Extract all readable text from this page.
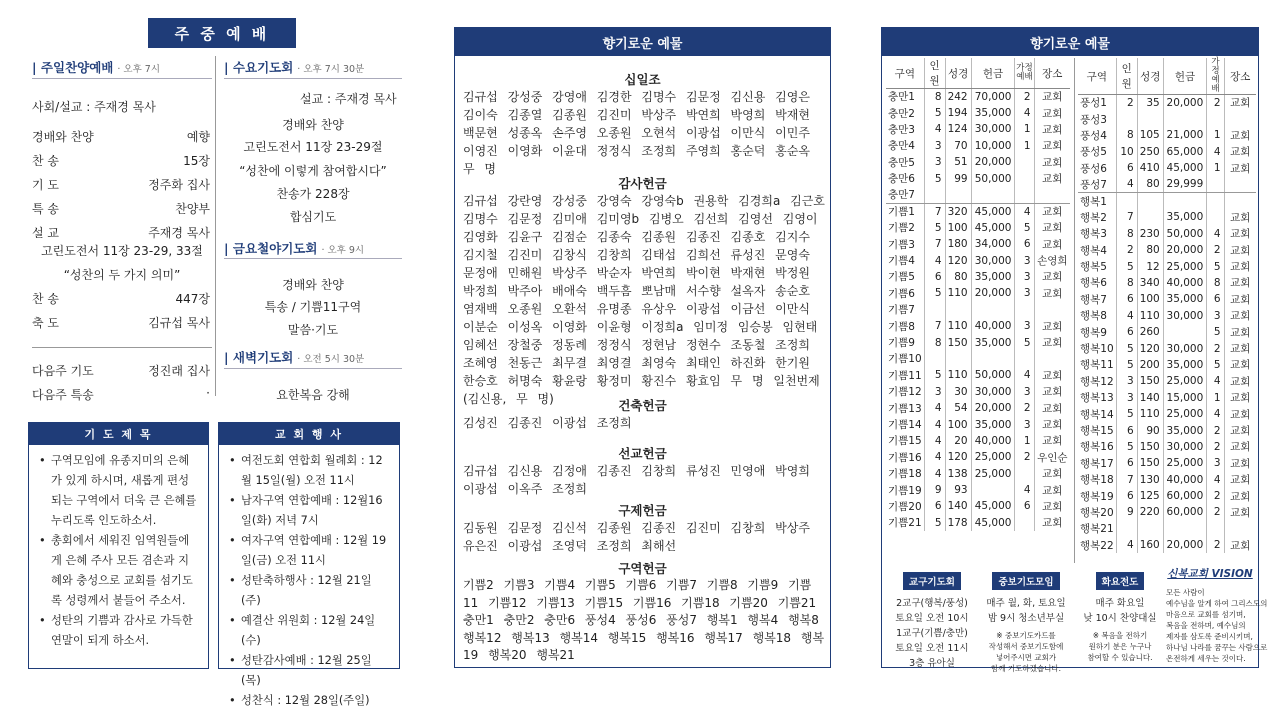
주 중 예 배
| 주일찬양예배 · 오후 7시
사회/설교 : 주재경 목사
경배와 찬양	예향
찬 송	15장
기 도	정주화 집사
특 송	찬양부
설 교	주재경 목사
고린도전서 11장 23-29, 33절
“성찬의 두 가지 의미”
찬 송	447장
축 도	김규섭 목사
다음주 기도	정진래 집사
다음주 특송	·
| 수요기도회 · 오후 7시 30분
설교 : 주재경 목사
경배와 찬양
고린도전서 11장 23-29절
“성찬에 이렇게 참여합시다”
찬송가 228장
합심기도
| 금요철야기도회 · 오후 9시
경배와 찬양
특송 / 기쁨11구역
말씀·기도
| 새벽기도회 · 오전 5시 30분
요한복음 강해
기 도 제 목
• 구역모임에 유종지미의 은혜가 있게 하시며, 새롭게 편성되는 구역에서 더욱 큰 은혜를 누리도록 인도하소서.
• 총회에서 세워진 임역원들에게 은혜 주사 모든 겸손과 지혜와 충성으로 교회를 섬기도록 성령께서 붙들어 주소서.
• 성탄의 기쁨과 감사로 가득한 연말이 되게 하소서.
교 회 행 사
• 여전도회 연합회 월례회 : 12월 15일(월) 오전 11시
• 남자구역 연합예배 : 12월16일(화) 저녁 7시
• 여자구역 연합예배 : 12월 19일(금) 오전 11시
• 성탄축하행사 : 12월 21일(주)
• 예결산 위원회 : 12월 24일(수)
• 성탄감사예배 : 12월 25일(목)
• 성찬식 : 12월 28일(주일)
향기로운 예물
십일조
김규섭 강성중 강영애 김경한 김명수 김문정 김신용 김영은 김이숙 김종열 김종원 김진미 박상주 박연희 박영희 박재현 백문현 성종옥 손주영 오종원 오현석 이광섭 이만식 이민주 이영진 이영화 이윤대 정정식 조정희 주영희 홍순덕 홍순옥 무 명
감사헌금
김규섭 강란영 강성중 강영숙 강영숙b 권용학 김경희a 김근호 김명수 김문정 김미애 김미영b 김병오 김선희 김영선 김영이 김영화 김윤구 김점순 김종숙 김종원 김종진 김종호 김지수 김지철 김진미 김창식 김창희 김태섭 김희선 류성진 문영숙 문정애 민해원 박상주 박순자 박연희 박이현 박재현 박정원 박정희 박주아 배애숙 백두흠 뽀남매 서수향 설옥자 송순호 염재백 오종원 오환석 유명종 유상우 이광섭 이금선 이만식 이분순 이성옥 이영화 이윤형 이정희a 임미정 임승봉 임현태 임혜선 장철중 정동례 정정식 정현남 정현수 조동철 조정희 조혜영 천동근 최무결 최영결 최영숙 최태인 하진화 한기원 한승호 허명숙 황윤랑 황정미 황진수 황효임 무 명 일천번제(김신용, 무 명)	건축헌금
김성진 김종진 이광섭 조정희
선교헌금
김규섭 김신용 김정애 김종진 김창희 류성진 민영애 박영희 이광섭 이옥주 조정희
구제헌금
김동원 김문정 김신석 김종원 김종진 김진미 김창희 박상주 유은진 이광섭 조영덕 조정희 최해선
구역헌금
기쁨2 기쁨3 기쁨4 기쁨5 기쁨6 기쁨7 기쁨8 기쁨9 기쁨11 기쁨12 기쁨13 기쁨15 기쁨16 기쁨18 기쁨20 기쁨21 충만1 충만2 충만6 풍성4 풍성6 풍성7 행복1 행복4 행복8 행복12 행복13 행복14 행복15 행복16 행복17 행복18 행복19 행복20 행복21
향기로운 예물
구역	인원	성경	헌금	가정예배	장소
충만1	8	242	70,000	2	교회
충만2	5	194	35,000	4	교회
충만3	4	124	30,000	1	교회
충만4	3	70	10,000	1	교회
충만5	3	51	20,000		교회
충만6	5	99	50,000		교회
충만7					
기쁨1	7	320	45,000	4	교회
기쁨2	5	100	45,000	5	교회
기쁨3	7	180	34,000	6	교회
기쁨4	4	120	30,000	3	손영희
기쁨5	6	80	35,000	3	교회
기쁨6	5	110	20,000	3	교회
기쁨7					
기쁨8	7	110	40,000	3	교회
기쁨9	8	150	35,000	5	교회
기쁨10					
기쁨11	5	110	50,000	4	교회
기쁨12	3	30	30,000	3	교회
기쁨13	4	54	20,000	2	교회
기쁨14	4	100	35,000	3	교회
기쁨15	4	20	40,000	1	교회
기쁨16	4	120	25,000	2	우인순
기쁨18	4	138	25,000		교회
기쁨19	9	93		4	교회
기쁨20	6	140	45,000	6	교회
기쁨21	5	178	45,000		교회
구역	인원	성경	헌금	가정예배	장소
풍성1	2	35	20,000	2	교회
풍성3					
풍성4	8	105	21,000	1	교회
풍성5	10	250	65,000	4	교회
풍성6	6	410	45,000	1	교회
풍성7	4	80	29,999		
행복1					
행복2	7		35,000		교회
행복3	8	230	50,000	4	교회
행복4	2	80	20,000	2	교회
행복5	5	12	25,000	5	교회
행복6	8	340	40,000	8	교회
행복7	6	100	35,000	6	교회
행복8	4	110	30,000	3	교회
행복9	6	260		5	교회
행복10	5	120	30,000	2	교회
행복11	5	200	35,000	5	교회
행복12	3	150	25,000	4	교회
행복13	3	140	15,000	1	교회
행복14	5	110	25,000	4	교회
행복15	6	90	35,000	2	교회
행복16	5	150	30,000	2	교회
행복17	6	150	25,000	3	교회
행복18	7	130	40,000	4	교회
행복19	6	125	60,000	2	교회
행복20	9	220	60,000	2	교회
행복21					
행복22	4	160	20,000	2	교회
교구기도회
2교구(행복/풍성)
토요일 오전 10시
1교구(기쁨/충만)
토요일 오전 11시
3층 유아실
중보기도모임
매주 월, 화, 토요일
밤 9시 청소년부실
※ 중보기도카드를
작성해서 중보기도함에
넣어주시면 교회가
함께 기도하겠습니다.
화요전도
매주 화요일
낮 10시 찬양대실
※ 복음을 전하기
원하기 분은 누구나
참여할 수 있습니다.
신복교회 VISION
모든 사람이
예수님을 알게 하여 그리스도의
마음으로 교회를 섬기며,
복음을 전하며, 예수님의
제자를 삼도록 준비시키며,
하나님 나라를 꿈꾸는 사람으로
온전하게 세우는 것이다.
